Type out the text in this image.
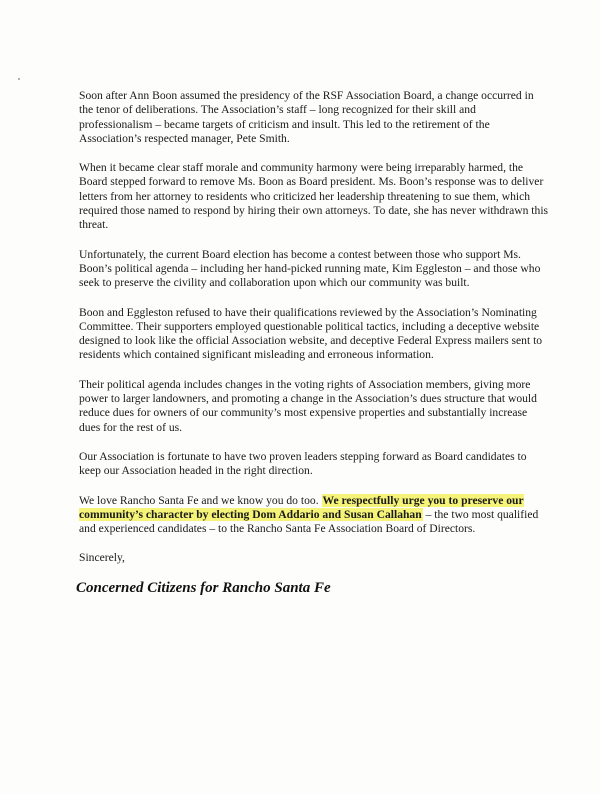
Soon after Ann Boon assumed the presidency of the RSF Association Board, a change occurred in the tenor of deliberations. The Association’s staff – long recognized for their skill and professionalism – became targets of criticism and insult. This led to the retirement of the Association’s respected manager, Pete Smith.

When it became clear staff morale and community harmony were being irreparably harmed, the Board stepped forward to remove Ms. Boon as Board president. Ms. Boon’s response was to deliver letters from her attorney to residents who criticized her leadership threatening to sue them, which required those named to respond by hiring their own attorneys. To date, she has never withdrawn this threat.

Unfortunately, the current Board election has become a contest between those who support Ms. Boon’s political agenda – including her hand-picked running mate, Kim Eggleston – and those who seek to preserve the civility and collaboration upon which our community was built.

Boon and Eggleston refused to have their qualifications reviewed by the Association’s Nominating Committee. Their supporters employed questionable political tactics, including a deceptive website designed to look like the official Association website, and deceptive Federal Express mailers sent to residents which contained significant misleading and erroneous information.

Their political agenda includes changes in the voting rights of Association members, giving more power to larger landowners, and promoting a change in the Association’s dues structure that would reduce dues for owners of our community’s most expensive properties and substantially increase dues for the rest of us.

Our Association is fortunate to have two proven leaders stepping forward as Board candidates to keep our Association headed in the right direction.

We love Rancho Santa Fe and we know you do too. We respectfully urge you to preserve our community’s character by electing Dom Addario and Susan Callahan – the two most qualified and experienced candidates – to the Rancho Santa Fe Association Board of Directors.

Sincerely,

Concerned Citizens for Rancho Santa Fe
